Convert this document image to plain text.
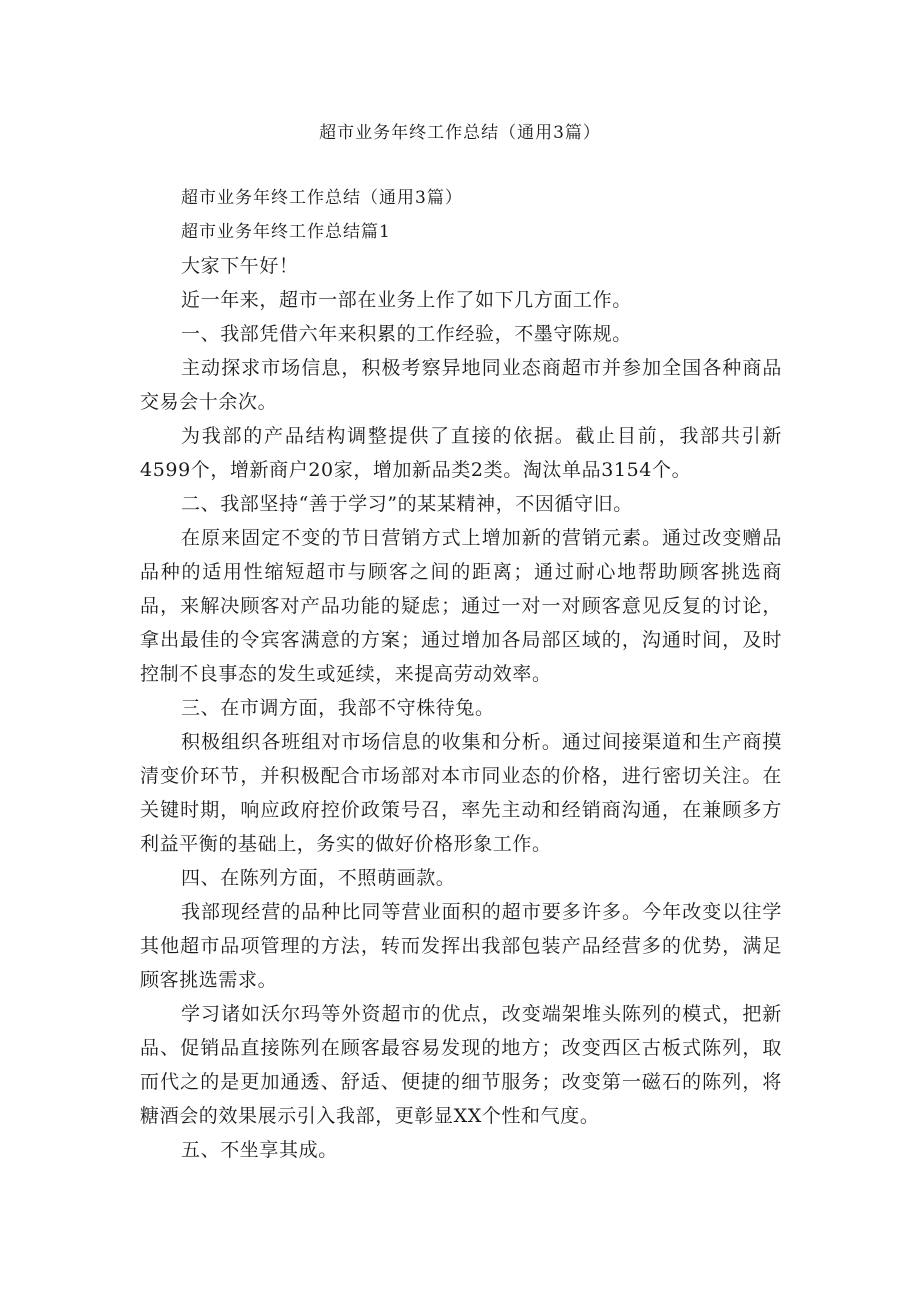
超市业务年终工作总结（通用3篇）

超市业务年终工作总结（通用3篇）

超市业务年终工作总结篇1

大家下午好！

近一年来，超市一部在业务上作了如下几方面工作。

一、我部凭借六年来积累的工作经验，不墨守陈规。

主动探求市场信息，积极考察异地同业态商超市并参加全国各种商品交易会十余次。

为我部的产品结构调整提供了直接的依据。截止目前，我部共引新4599个，增新商户20家，增加新品类2类。淘汰单品3154个。

二、我部坚持“善于学习”的某某精神，不因循守旧。

在原来固定不变的节日营销方式上增加新的营销元素。通过改变赠品品种的适用性缩短超市与顾客之间的距离；通过耐心地帮助顾客挑选商品，来解决顾客对产品功能的疑虑；通过一对一对顾客意见反复的讨论，拿出最佳的令宾客满意的方案；通过增加各局部区域的，沟通时间，及时控制不良事态的发生或延续，来提高劳动效率。

三、在市调方面，我部不守株待兔。

积极组织各班组对市场信息的收集和分析。通过间接渠道和生产商摸清变价环节，并积极配合市场部对本市同业态的价格，进行密切关注。在关键时期，响应政府控价政策号召，率先主动和经销商沟通，在兼顾多方利益平衡的基础上，务实的做好价格形象工作。

四、在陈列方面，不照萌画款。

我部现经营的品种比同等营业面积的超市要多许多。今年改变以往学其他超市品项管理的方法，转而发挥出我部包装产品经营多的优势，满足顾客挑选需求。

学习诸如沃尔玛等外资超市的优点，改变端架堆头陈列的模式，把新品、促销品直接陈列在顾客最容易发现的地方；改变西区古板式陈列，取而代之的是更加通透、舒适、便捷的细节服务；改变第一磁石的陈列，将糖酒会的效果展示引入我部，更彰显XX个性和气度。

五、不坐享其成。
